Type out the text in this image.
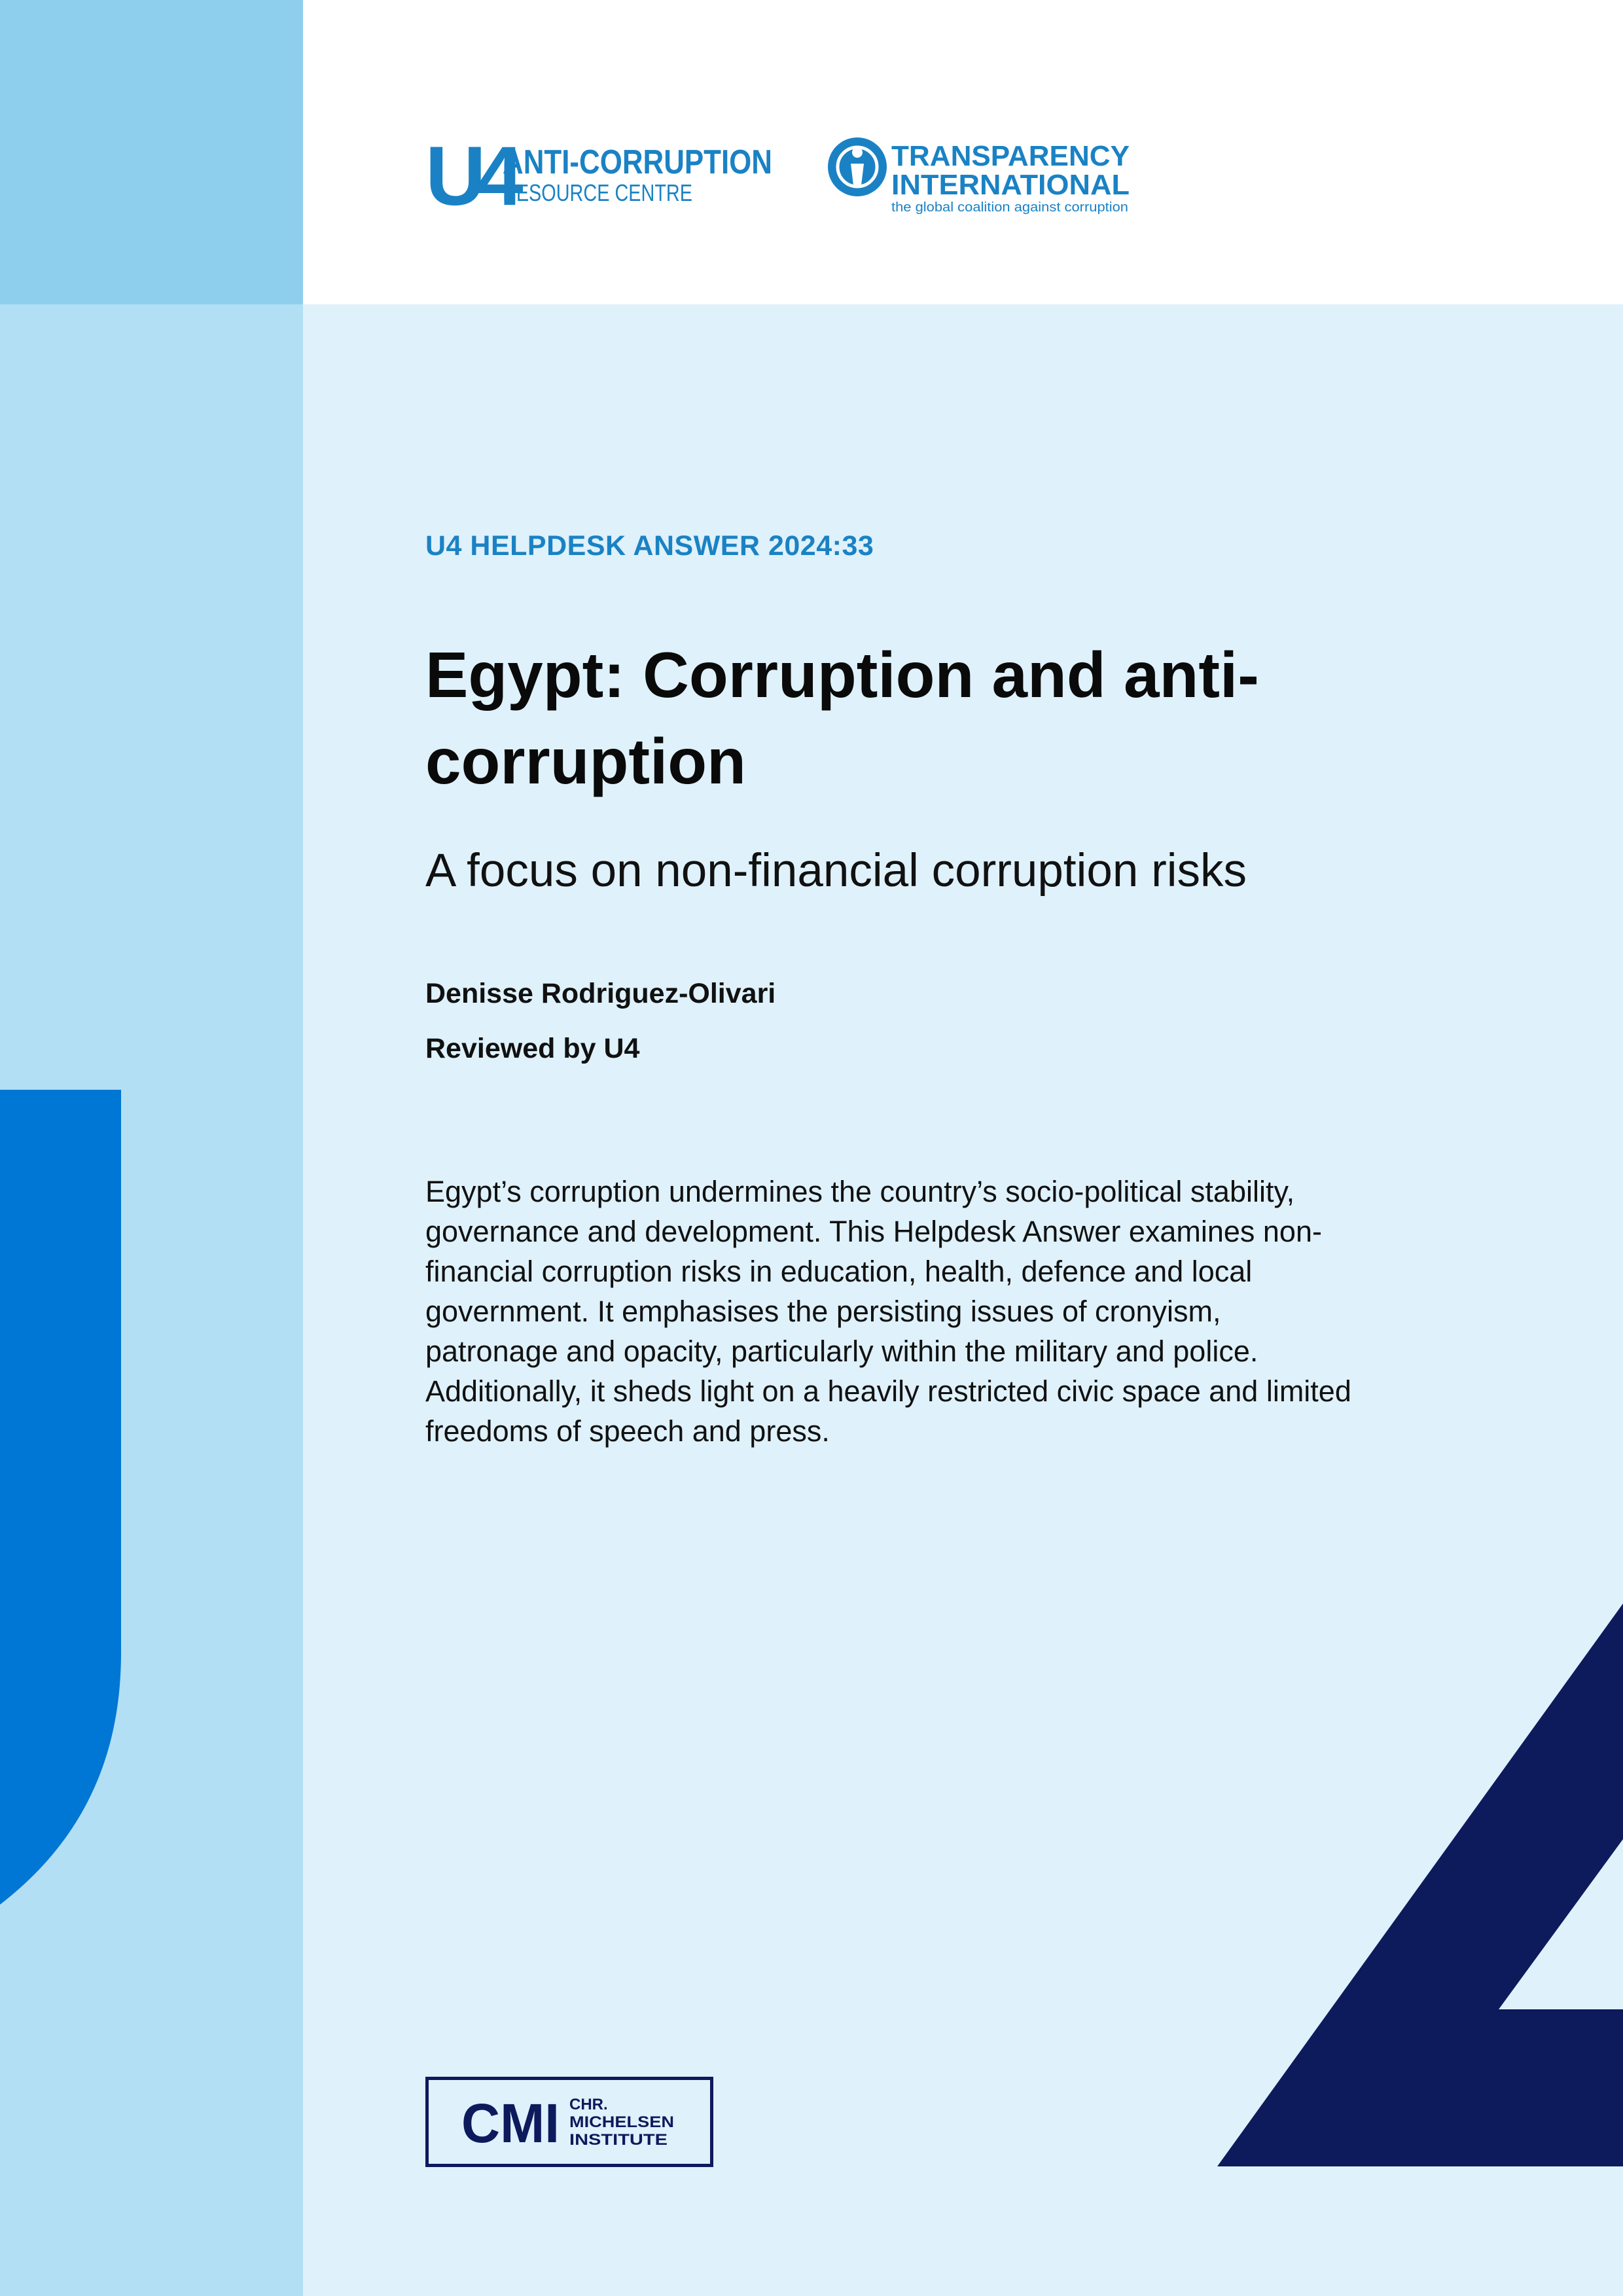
U4
ANTI-CORRUPTION
RESOURCE CENTRE
TRANSPARENCY
INTERNATIONAL
the global coalition against corruption
U4 HELPDESK ANSWER 2024:33
Egypt: Corruption and anti-corruption
A focus on non-financial corruption risks
Denisse Rodriguez-Olivari
Reviewed by U4

Egypt’s corruption undermines the country’s socio-political stability, governance and development. This Helpdesk Answer examines non-financial corruption risks in education, health, defence and local government. It emphasises the persisting issues of cronyism, patronage and opacity, particularly within the military and police. Additionally, it sheds light on a heavily restricted civic space and limited freedoms of speech and press.

CMI CHR.
MICHELSEN
INSTITUTE
